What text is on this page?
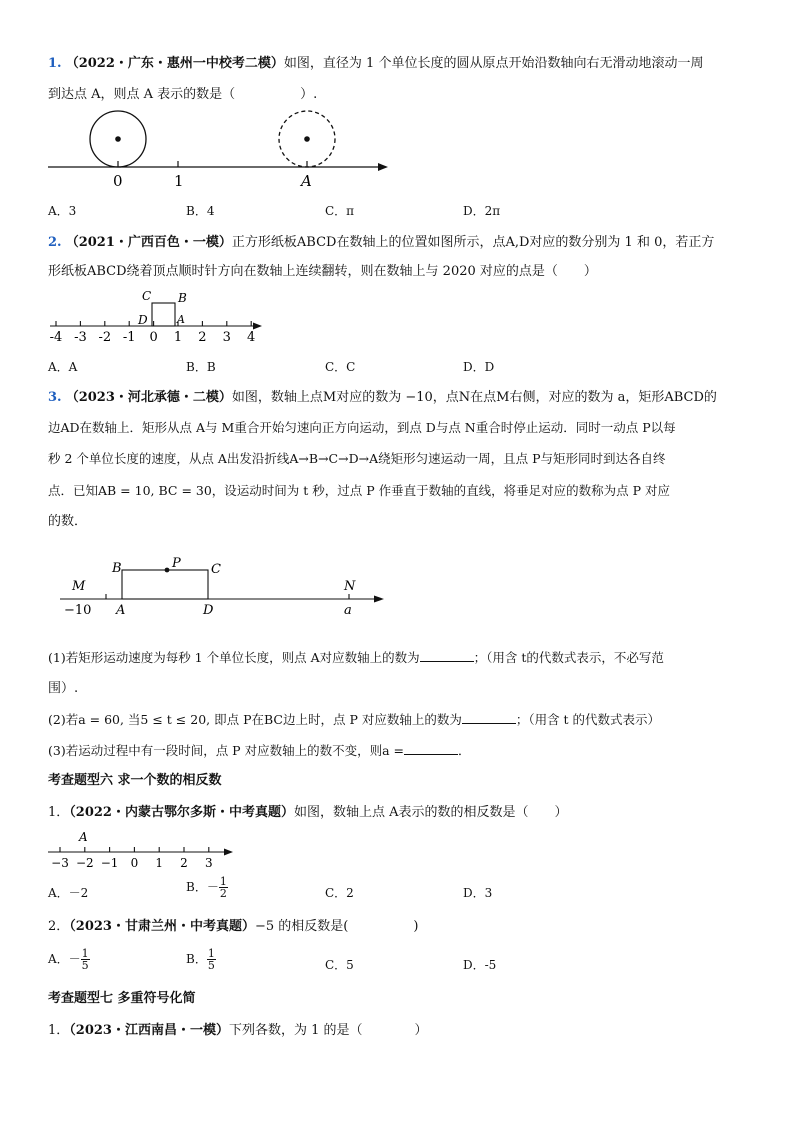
1. （2022・广东・惠州一中校考二模）如图，直径为 1 个单位长度的圆从原点开始沿数轴向右无滑动地滚动一周
到达点 A，则点 A 表示的数是（　　　　　）.
0	1	A
A．3	B．4	C．π	D．2π
2. （2021・广西百色・一模）正方形纸板ABCD在数轴上的位置如图所示，点A,D对应的数分别为 1 和 0，若正方
形纸板ABCD绕着顶点顺时针方向在数轴上连续翻转，则在数轴上与 2020 对应的点是（　　）
C B
D	A
-4 -3 -2 -1 0 1 2 3 4
A．A	B．B	C．C	D．D
3. （2023・河北承德・二模）如图，数轴上点M对应的数为 −10，点N在点M右侧，对应的数为 a，矩形ABCD的
边AD在数轴上．矩形从点 A与 M重合开始匀速向正方向运动，到点 D与点 N重合时停止运动．同时一动点 P以每
秒 2 个单位长度的速度，从点 A出发沿折线A→B→C→D→A绕矩形匀速运动一周，且点 P与矩形同时到达各自终
点．已知AB = 10, BC = 30，设运动时间为 t 秒，过点 P 作垂直于数轴的直线，将垂足对应的数称为点 P 对应
的数．
M
B	P C
N
−10 A	D	a
(1)若矩形运动速度为每秒 1 个单位长度，则点 A对应数轴上的数为	；（用含 t的代数式表示，不必写范
围）.
(2)若a = 60, 当5 ≤ t ≤ 20, 即点 P在BC边上时，点 P 对应数轴上的数为	；（用含 t 的代数式表示）
(3)若运动过程中有一段时间，点 P 对应数轴上的数不变，则a =	．
考查题型六 求一个数的相反数
1．（2022・内蒙古鄂尔多斯・中考真题）如图，数轴上点 A表示的数的相反数是（　　）
A
−3 −2 −1 0 1 2 3
A．－2	B．－ $\frac{1}{2}$	C．2	D．3
2．（2023・甘肃兰州・中考真题）−5 的相反数是(　　　　　)
A．－ $\frac{1}{5}$	B． $\frac{1}{5}$	C．5	D．-5
考查题型七 多重符号化简
1．（2023・江西南昌・一模）下列各数，为 1 的是（　　　　）
